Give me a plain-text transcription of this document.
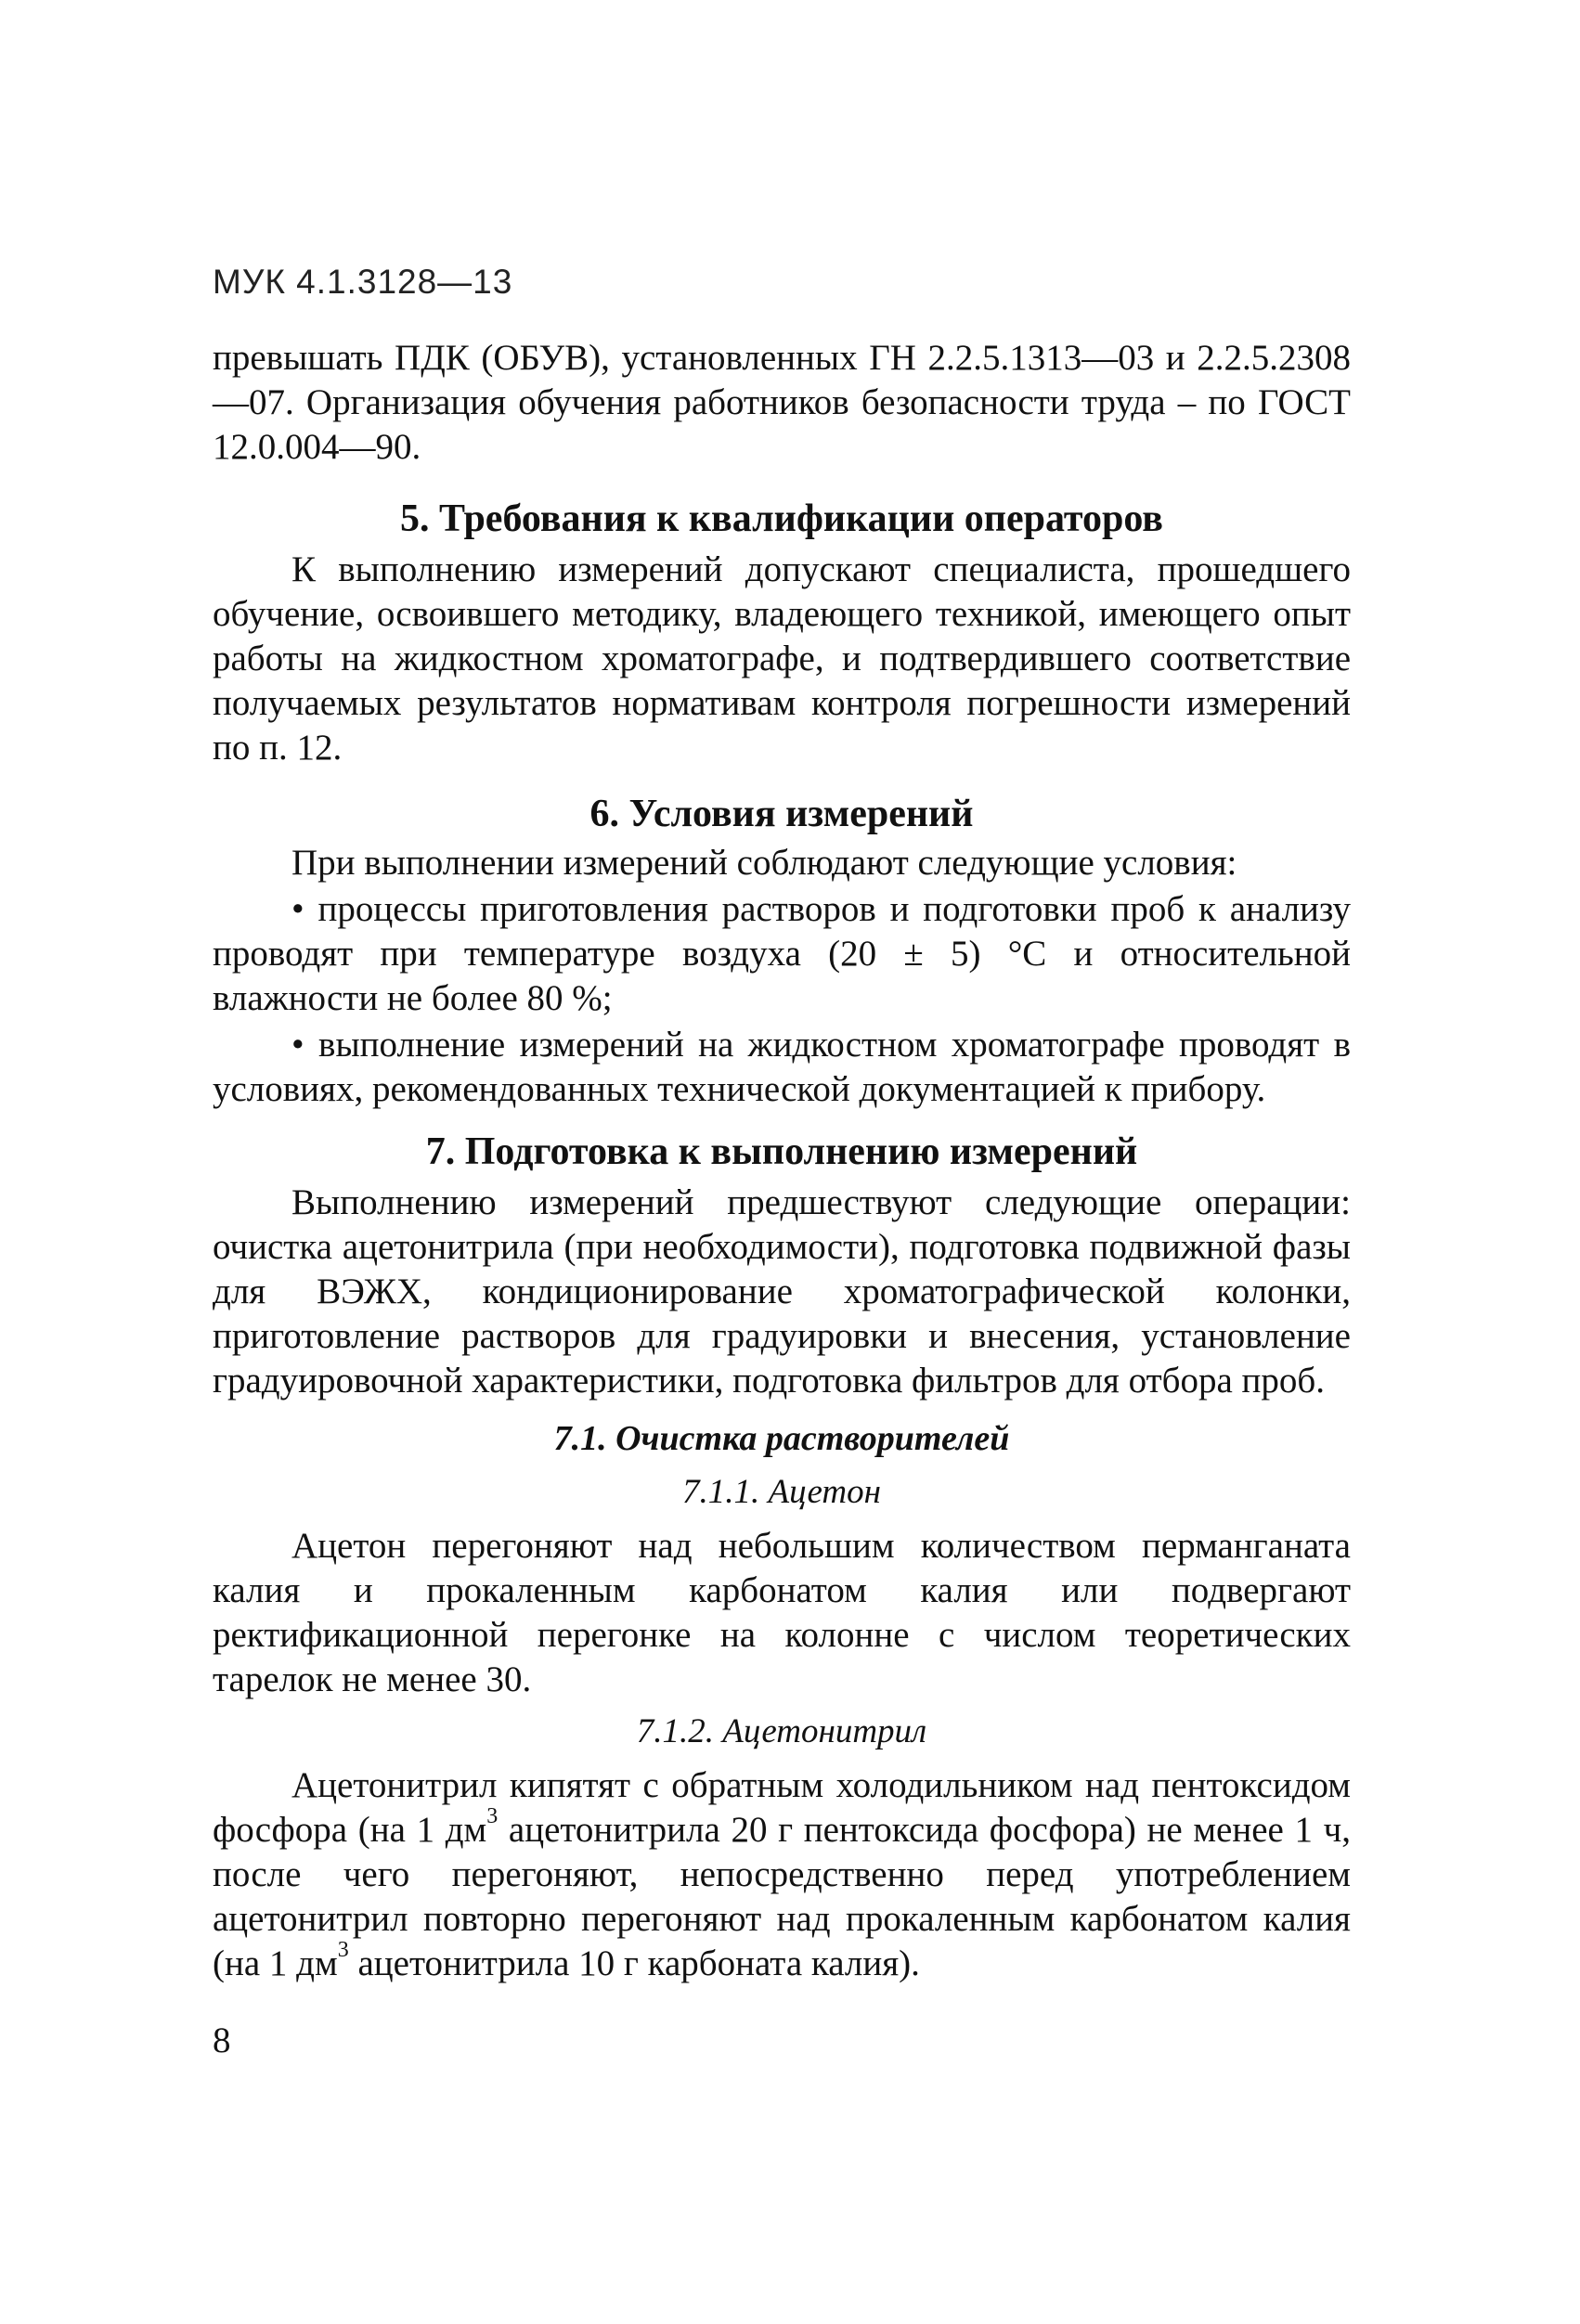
МУК 4.1.3128—13

превышать ПДК (ОБУВ), установленных ГН 2.2.5.1313—03 и 2.2.5.2308—07. Организация обучения работников безопасности труда – по ГОСТ 12.0.004—90.

5. Требования к квалификации операторов

К выполнению измерений допускают специалиста, прошедшего обучение, освоившего методику, владеющего техникой, имеющего опыт работы на жидкостном хроматографе, и подтвердившего соответствие получаемых результатов нормативам контроля погрешности измерений по п. 12.

6. Условия измерений

При выполнении измерений соблюдают следующие условия:

• процессы приготовления растворов и подготовки проб к анализу проводят при температуре воздуха (20 ± 5) °С и относительной влажности не более 80 %;

• выполнение измерений на жидкостном хроматографе проводят в условиях, рекомендованных технической документацией к прибору.

7. Подготовка к выполнению измерений

Выполнению измерений предшествуют следующие операции: очистка ацетонитрила (при необходимости), подготовка подвижной фазы для ВЭЖХ, кондиционирование хроматографической колонки, приготовление растворов для градуировки и внесения, установление градуировочной характеристики, подготовка фильтров для отбора проб.

7.1. Очистка растворителей
7.1.1. Ацетон

Ацетон перегоняют над небольшим количеством перманганата калия и прокаленным карбонатом калия или подвергают ректификационной перегонке на колонне с числом теоретических тарелок не менее 30.

7.1.2. Ацетонитрил

Ацетонитрил кипятят с обратным холодильником над пентоксидом фосфора (на 1 $дм^3$ ацетонитрила 20 г пентоксида фосфора) не менее 1 ч, после чего перегоняют, непосредственно перед употреблением ацетонитрил повторно перегоняют над прокаленным карбонатом калия (на 1 $дм^3$ ацетонитрила 10 г карбоната калия).

8
